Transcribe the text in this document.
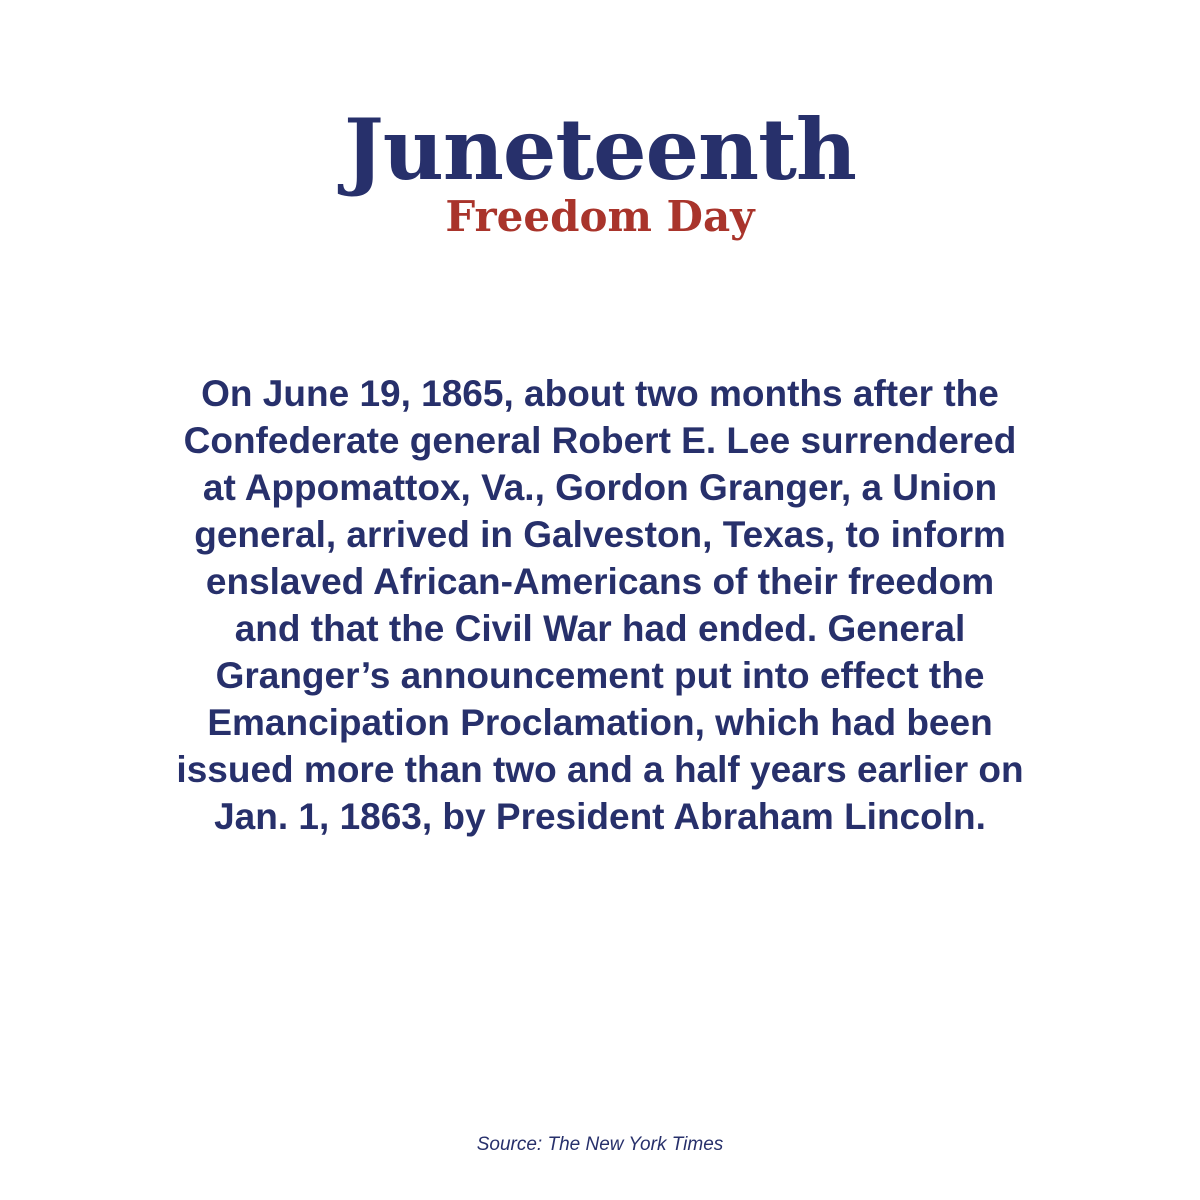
Juneteenth
Freedom Day
On June 19, 1865, about two months after the
Confederate general Robert E. Lee surrendered
at Appomattox, Va., Gordon Granger, a Union
general, arrived in Galveston, Texas, to inform
enslaved African-Americans of their freedom
and that the Civil War had ended. General
Granger’s announcement put into effect the
Emancipation Proclamation, which had been
issued more than two and a half years earlier on
Jan. 1, 1863, by President Abraham Lincoln.
Source: The New York Times
